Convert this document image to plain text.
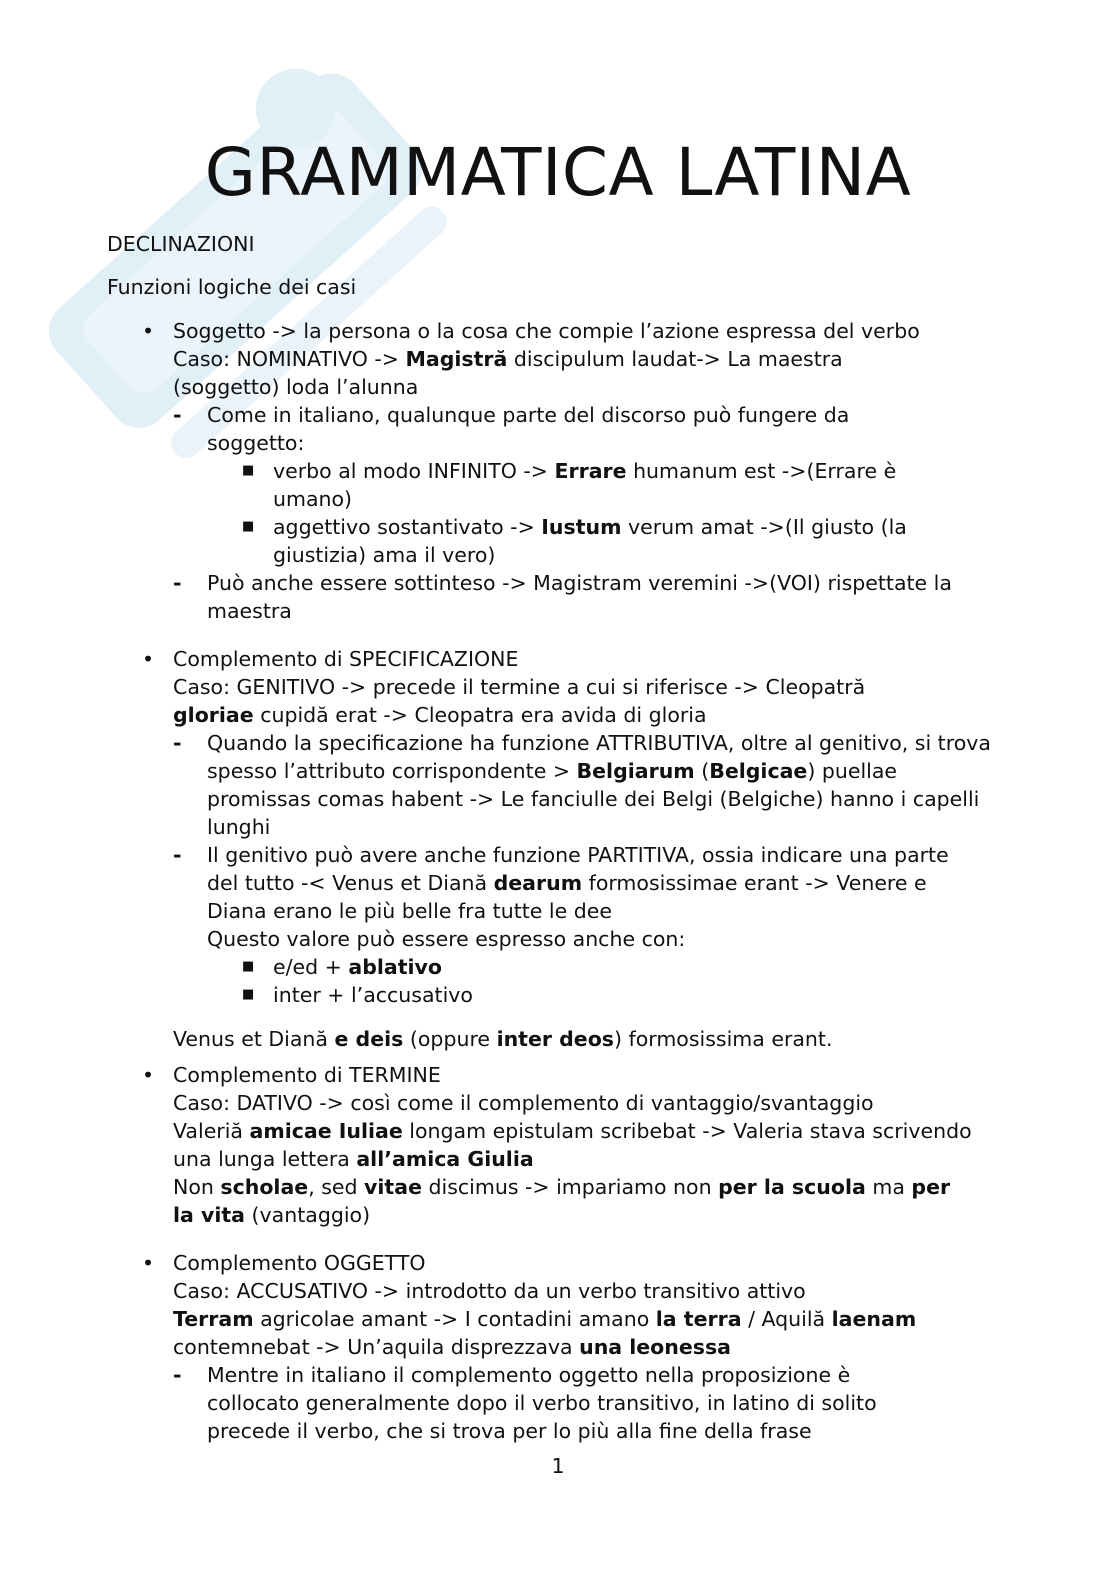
GRAMMATICA LATINA
DECLINAZIONI
Funzioni logiche dei casi
• Soggetto -> la persona o la cosa che compie l’azione espressa del verbo

Caso: NOMINATIVO -> Magistră discipulum laudat-> La maestra

(soggetto) loda l’alunna

- Come in italiano, qualunque parte del discorso può fungere da soggetto:

■ verbo al modo INFINITO -> Errare humanum est ->(Errare è umano)

■ aggettivo sostantivato -> Iustum verum amat ->(Il giusto (la giustizia) ama il vero)

- Può anche essere sottinteso -> Magistram veremini ->(VOI) rispettate la maestra

• Complemento di SPECIFICAZIONE

Caso: GENITIVO -> precede il termine a cui si riferisce -> Cleopatră

gloriae cupidă erat -> Cleopatra era avida di gloria

- Quando la specificazione ha funzione ATTRIBUTIVA, oltre al genitivo, si trova spesso l’attributo corrispondente > Belgiarum (Belgicae) puellae promissas comas habent -> Le fanciulle dei Belgi (Belgiche) hanno i capelli lunghi

- Il genitivo può avere anche funzione PARTITIVA, ossia indicare una parte del tutto -< Venus et Diană dearum formosissimae erant -> Venere e Diana erano le più belle fra tutte le dee

Questo valore può essere espresso anche con:

■ e/ed + ablativo

■ inter + l’accusativo

Venus et Diană e deis (oppure inter deos) formosissima erant.

• Complemento di TERMINE

Caso: DATIVO -> così come il complemento di vantaggio/svantaggio

Valeriă amicae Iuliae longam epistulam scribebat -> Valeria stava scrivendo una lunga lettera all’amica Giulia

Non scholae, sed vitae discimus -> impariamo non per la scuola ma per la vita (vantaggio)

• Complemento OGGETTO

Caso: ACCUSATIVO -> introdotto da un verbo transitivo attivo

Terram agricolae amant -> I contadini amano la terra / Aquilă laenam contemnebat -> Un’aquila disprezzava una leonessa

- Mentre in italiano il complemento oggetto nella proposizione è collocato generalmente dopo il verbo transitivo, in latino di solito precede il verbo, che si trova per lo più alla fine della frase

1
